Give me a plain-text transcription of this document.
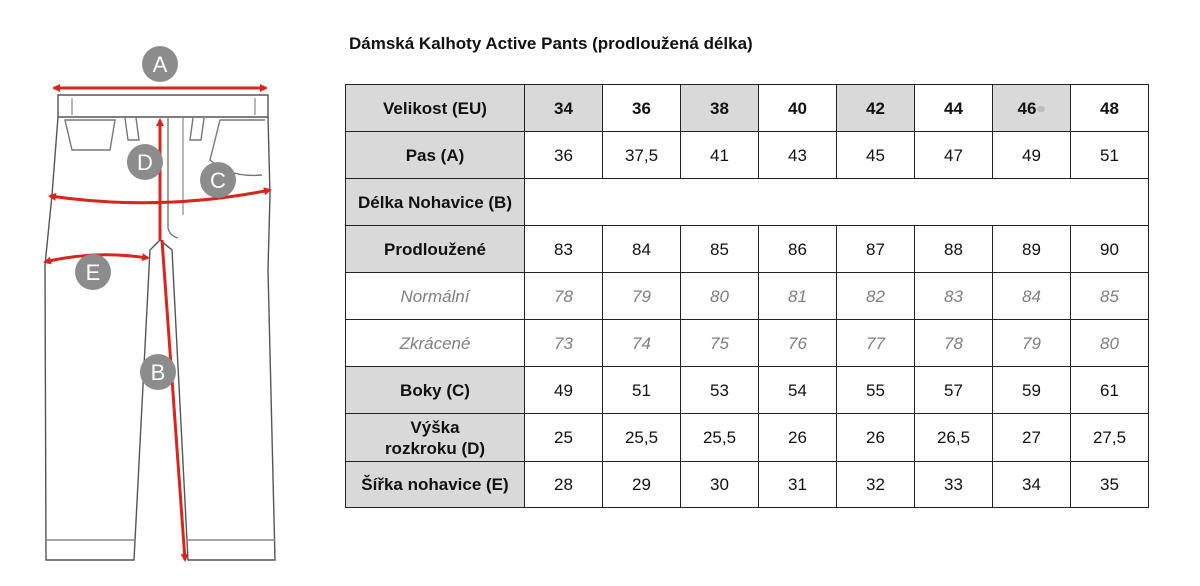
A
C
D
E
B
Dámská Kalhoty Active Pants (prodloužená délka)
Velikost (EU)	34	36	38	40	42	44	46	48
Pas (A)	36	37,5	41	43	45	47	49	51
Délka Nohavice (B)								
Prodloužené	83	84	85	86	87	88	89	90
Normální	78	79	80	81	82	83	84	85
Zkrácené	73	74	75	76	77	78	79	80
Boky (C)	49	51	53	54	55	57	59	61

Výška
rozkroku (D)	25	25,5	25,5	26	26	26,5	27	27,5
Šířka nohavice (E)	28	29	30	31	32	33	34	35
